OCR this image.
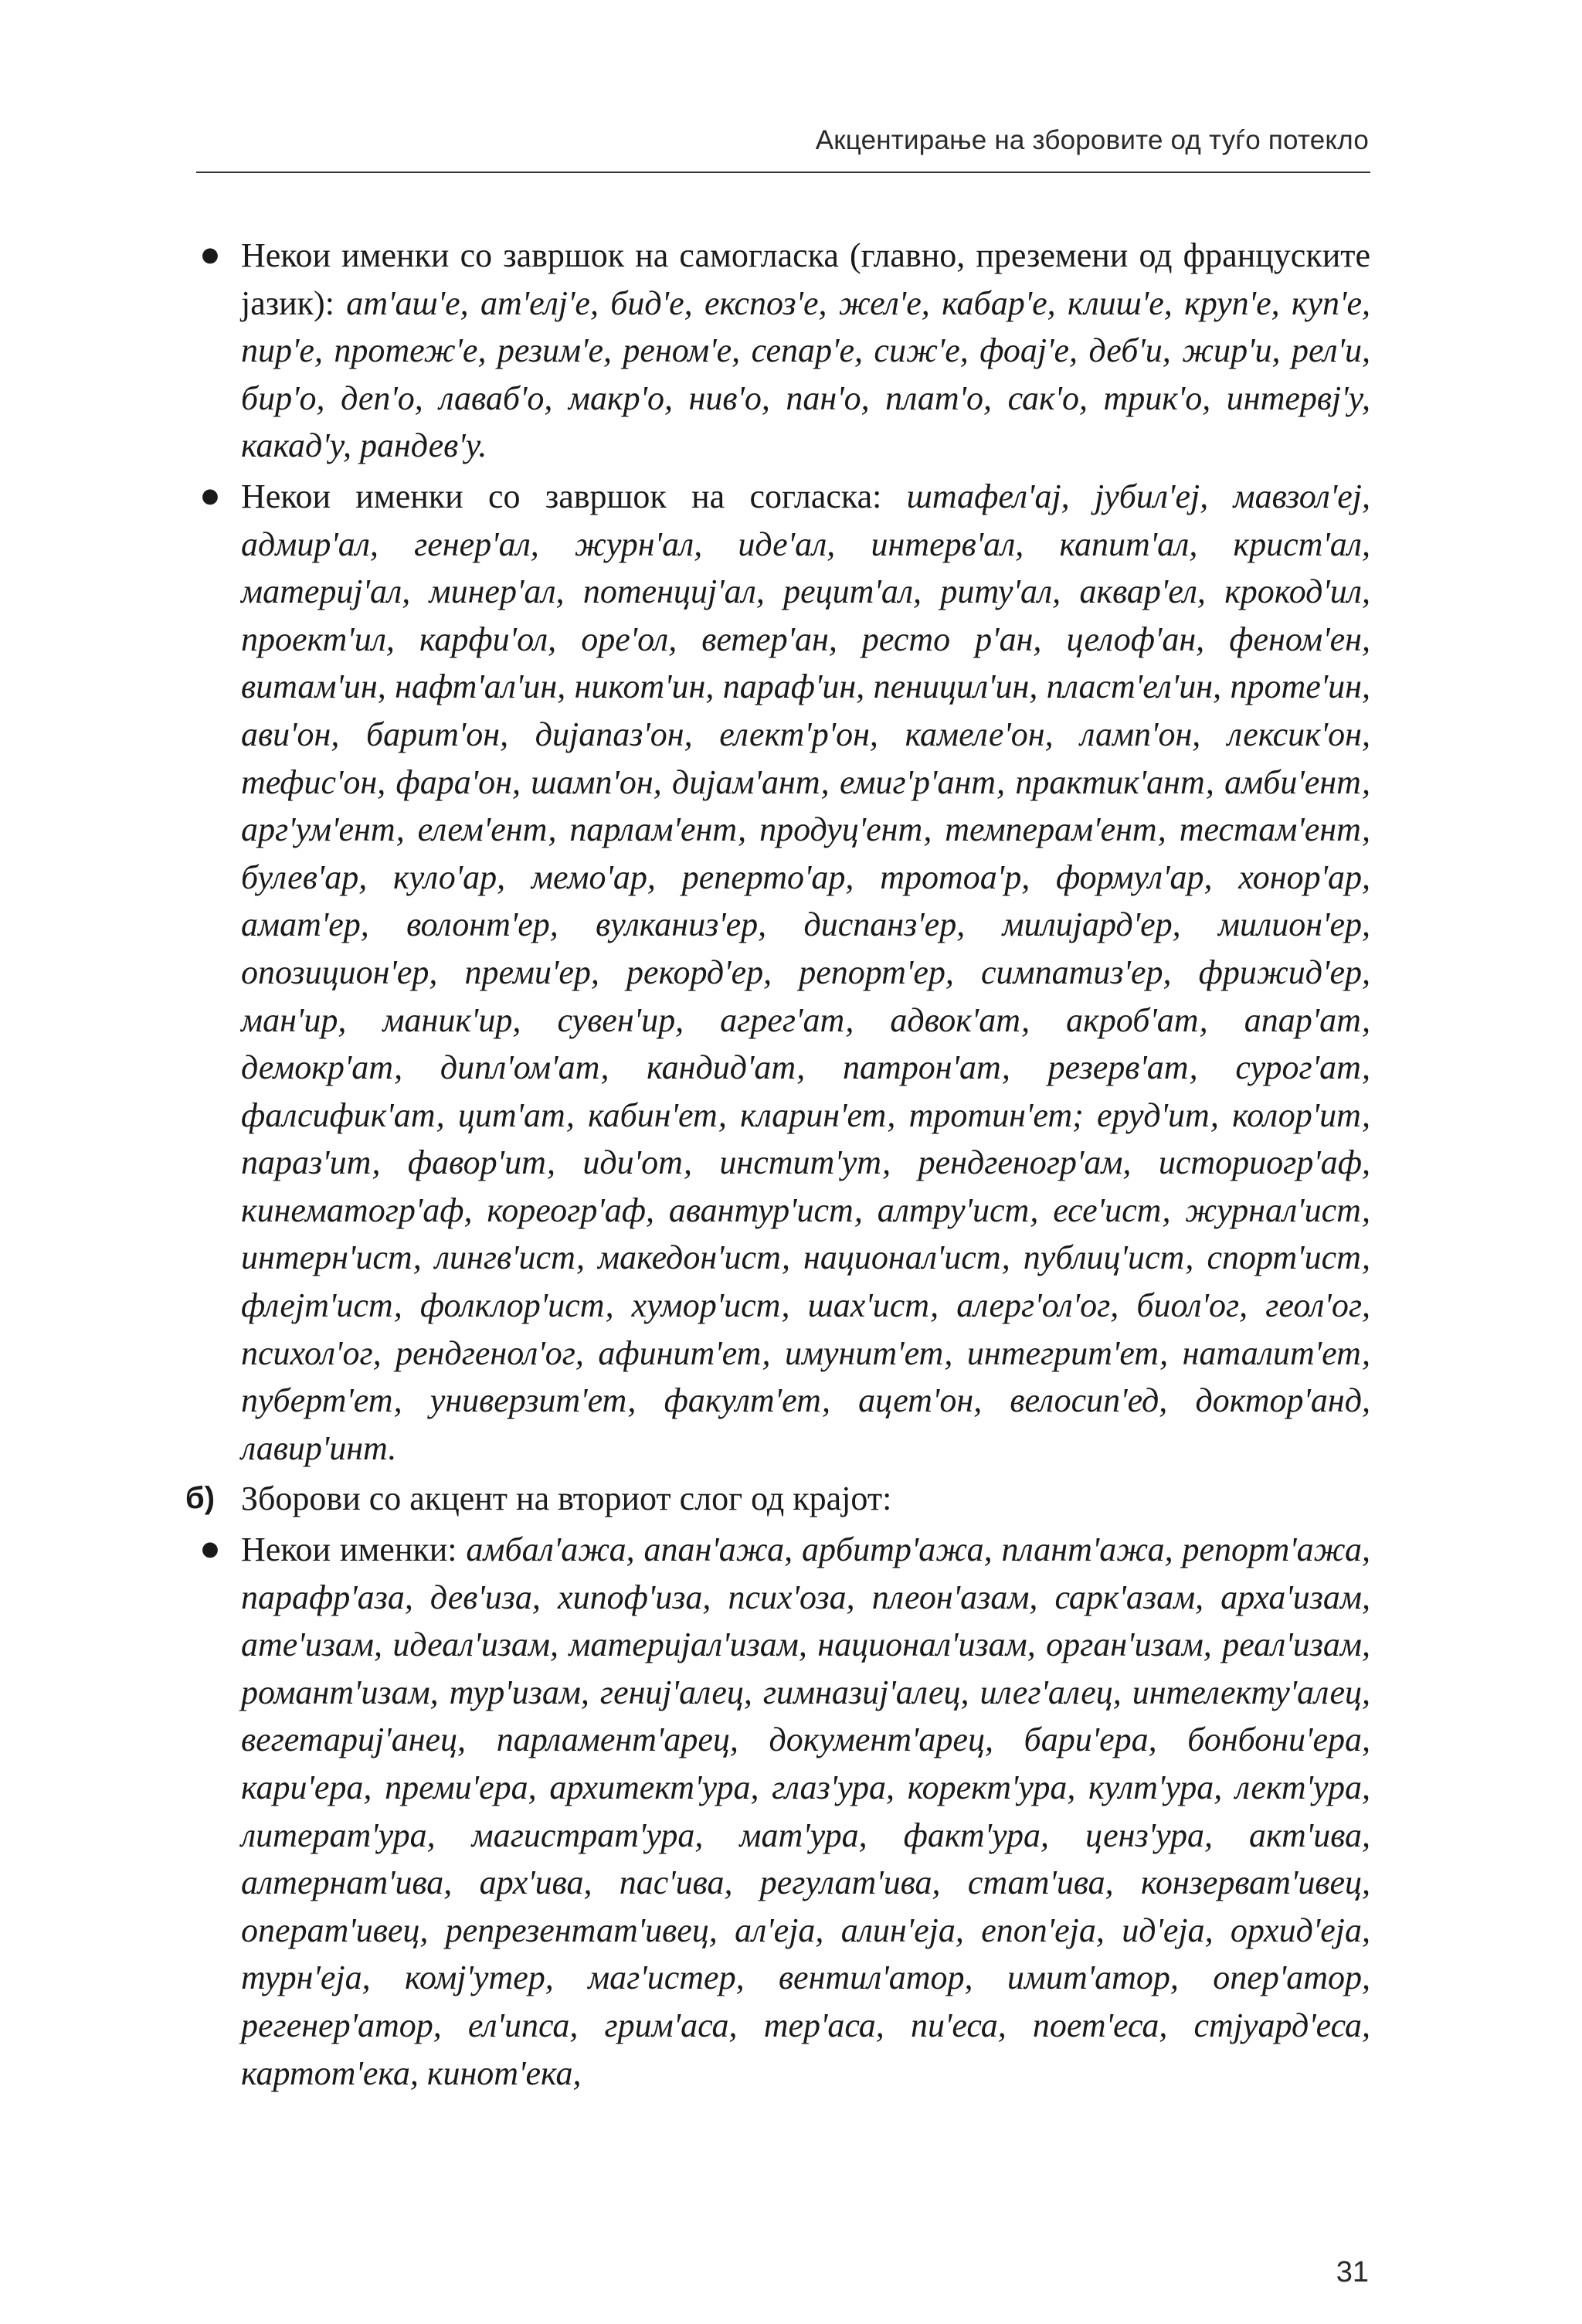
Акцентирање на зборовите од туѓо потекло
● Некои именки со завршок на самогласка (главно, преземени од француските јазик): ат'аш'е, ат'елј'е, бид'е, експоз'е, жел'е, кабар'е, клиш'е, круп'е, куп'е, пир'е, протеж'е, резим'е, реном'е, сепар'е, сиж'е, фоај'е, деб'и, жир'и, рел'и, бир'о, деп'о, лаваб'о, макр'о, нив'о, пан'о, плат'о, сак'о, трик'о, интервј'у, какад'у, рандев'у.
● Некои именки со завршок на согласка: штафел'ај, јубил'еј, мавзол'еј, адмир'ал, генер'ал, журн'ал, иде'ал, интерв'ал, капит'ал, крист'ал, материј'ал, минер'ал, потенциј'ал, рецит'ал, риту'ал, аквар'ел, крокод'ил, проект'ил, карфи'ол, оре'ол, ветер'ан, ресто р'ан, целоф'ан, феном'ен, витам'ин, нафт'ал'ин, никот'ин, параф'ин, пеницил'ин, пласт'ел'ин, проте'ин, ави'он, барит'он, дијапаз'он, елект'р'он, камеле'он, ламп'он, лексик'он, тефис'он, фара'он, шамп'он, дијам'ант, емиг'р'ант, практик'ант, амби'ент, арг'ум'ент, елем'ент, парлам'ент, продуц'ент, темперам'ент, тестам'ент, булев'ар, куло'ар, мемо'ар, реперто'ар, тротоа'р, формул'ар, хонор'ар, амат'ер, волонт'ер, вулканиз'ер, диспанз'ер, милијард'ер, милион'ер, опозицион'ер, преми'ер, рекорд'ер, репорт'ер, симпатиз'ер, фрижид'ер, ман'ир, маник'ир, сувен'ир, агрег'ат, адвок'ат, акроб'ат, апар'ат, демокр'ат, дипл'ом'ат, кандид'ат, патрон'ат, резерв'ат, сурог'ат, фалсифик'ат, цит'ат, кабин'ет, кларин'ет, тротин'ет; еруд'ит, колор'ит, параз'ит, фавор'ит, иди'от, инстит'ут, рендгеногр'ам, историогр'аф, кинематогр'аф, кореогр'аф, авантур'ист, алтру'ист, есе'ист, журнал'ист, интерн'ист, лингв'ист, македон'ист, национал'ист, публиц'ист, спорт'ист, флејт'ист, фолклор'ист, хумор'ист, шах'ист, алерг'ол'ог, биол'ог, геол'ог, психол'ог, рендгенол'ог, афинит'ет, имунит'ет, интегрит'ет, наталит'ет, пуберт'ет, универзит'ет, факулт'ет, ацет'он, велосип'ед, доктор'анд, лавир'инт.
б) Зборови со акцент на вториот слог од крајот:
● Некои именки: амбал'ажа, апан'ажа, арбитр'ажа, плант'ажа, репорт'ажа, парафр'аза, дев'иза, хипоф'иза, псих'оза, плеон'азам, сарк'азам, арха'изам, ате'изам, идеал'изам, материјал'изам, национал'изам, орган'изам, реал'изам, романт'изам, тур'изам, гениј'алец, гимназиј'алец, илег'алец, интелекту'алец, вегетариј'анец, парламент'арец, документ'арец, бари'ера, бонбони'ера, кари'ера, преми'ера, архитект'ура, глаз'ура, корект'ура, култ'ура, лект'ура, литерат'ура, магистрат'ура, мат'ура, факт'ура, ценз'ура, акт'ива, алтернат'ива, арх'ива, пас'ива, регулат'ива, стат'ива, конзерват'ивец, операт'ивец, репрезентат'ивец, ал'еја, алин'еја, епоп'еја, ид'еја, орхид'еја, турн'еја, комј'утер, маг'истер, вентил'атор, имит'атор, опер'атор, регенер'атор, ел'ипса, грим'аса, тер'аса, пи'еса, поет'еса, стјуард'еса, картот'ека, кинот'ека,
31
